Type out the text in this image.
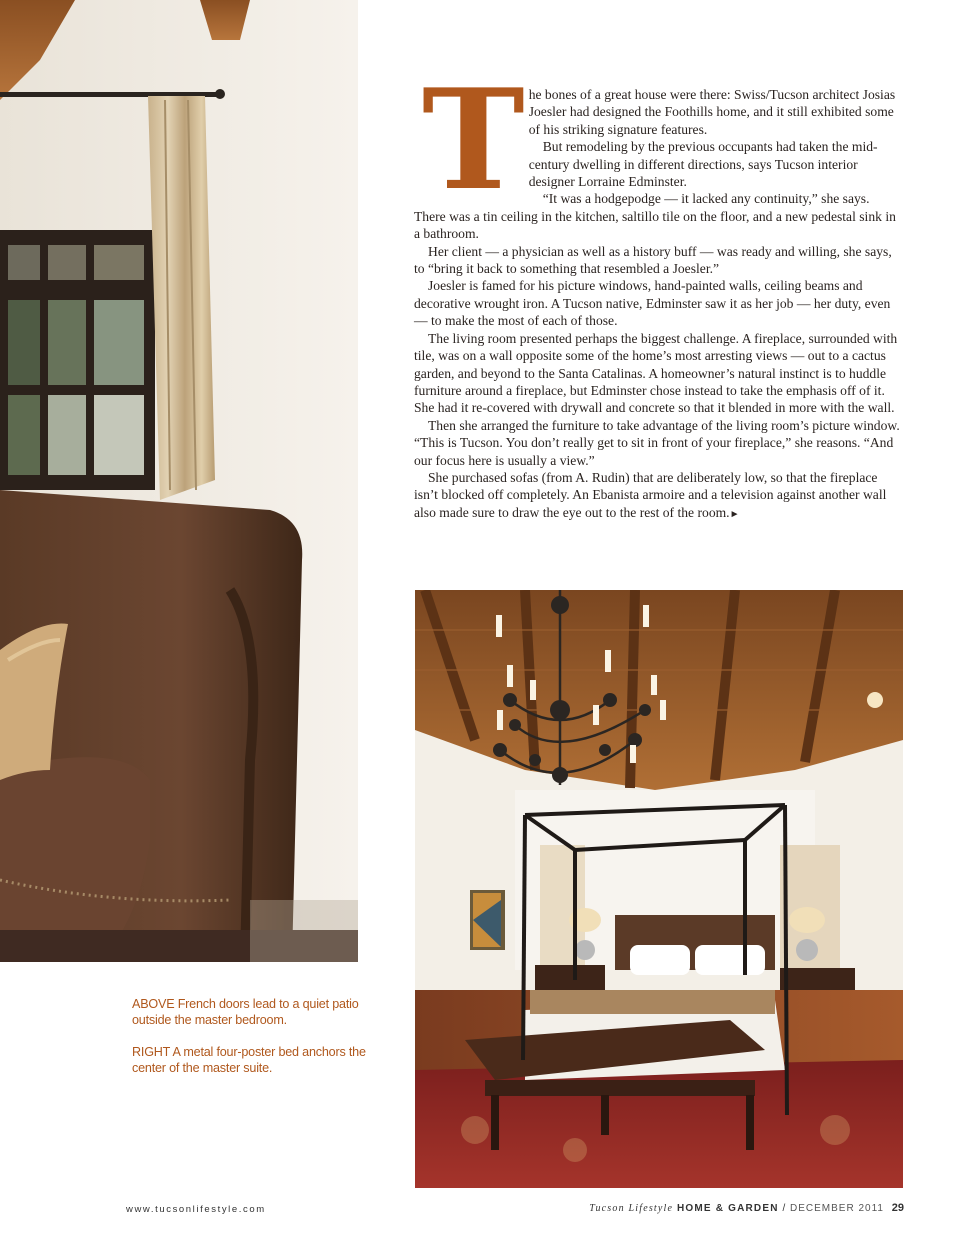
T he bones of a great house were there: Swiss/Tucson architect Josias Joesler had designed the Foothills home, and it still exhibited some of his striking signature features.

But remodeling by the previous occupants had taken the mid-century dwelling in different directions, says Tucson interior designer Lorraine Edminster.

“It was a hodgepodge — it lacked any continuity,” she says. There was a tin ceiling in the kitchen, saltillo tile on the floor, and a new pedestal sink in a bathroom.

Her client — a physician as well as a history buff — was ready and willing, she says, to “bring it back to something that resembled a Joesler.”

Joesler is famed for his picture windows, hand-painted walls, ceiling beams and decorative wrought iron. A Tucson native, Edminster saw it as her job — her duty, even — to make the most of each of those.

The living room presented perhaps the biggest challenge. A fireplace, surrounded with tile, was on a wall opposite some of the home’s most arresting views — out to a cactus garden, and beyond to the Santa Catalinas. A homeowner’s natural instinct is to huddle furniture around a fireplace, but Edminster chose instead to take the emphasis off of it. She had it re-covered with drywall and concrete so that it blended in more with the wall.

Then she arranged the furniture to take advantage of the living room’s picture window. “This is Tucson. You don’t really get to sit in front of your fireplace,” she reasons. “And our focus here is usually a view.”

She purchased sofas (from A. Rudin) that are deliberately low, so that the fireplace isn’t blocked off completely. An Ebanista armoire and a television against another wall also made sure to draw the eye out to the rest of the room.►

ABOVE French doors lead to a quiet patio outside the master bedroom.

RIGHT A metal four-poster bed anchors the center of the master suite.

www.tucsonlifestyle.com	Tucson Lifestyle HOME & GARDEN / DECEMBER 2011 29
